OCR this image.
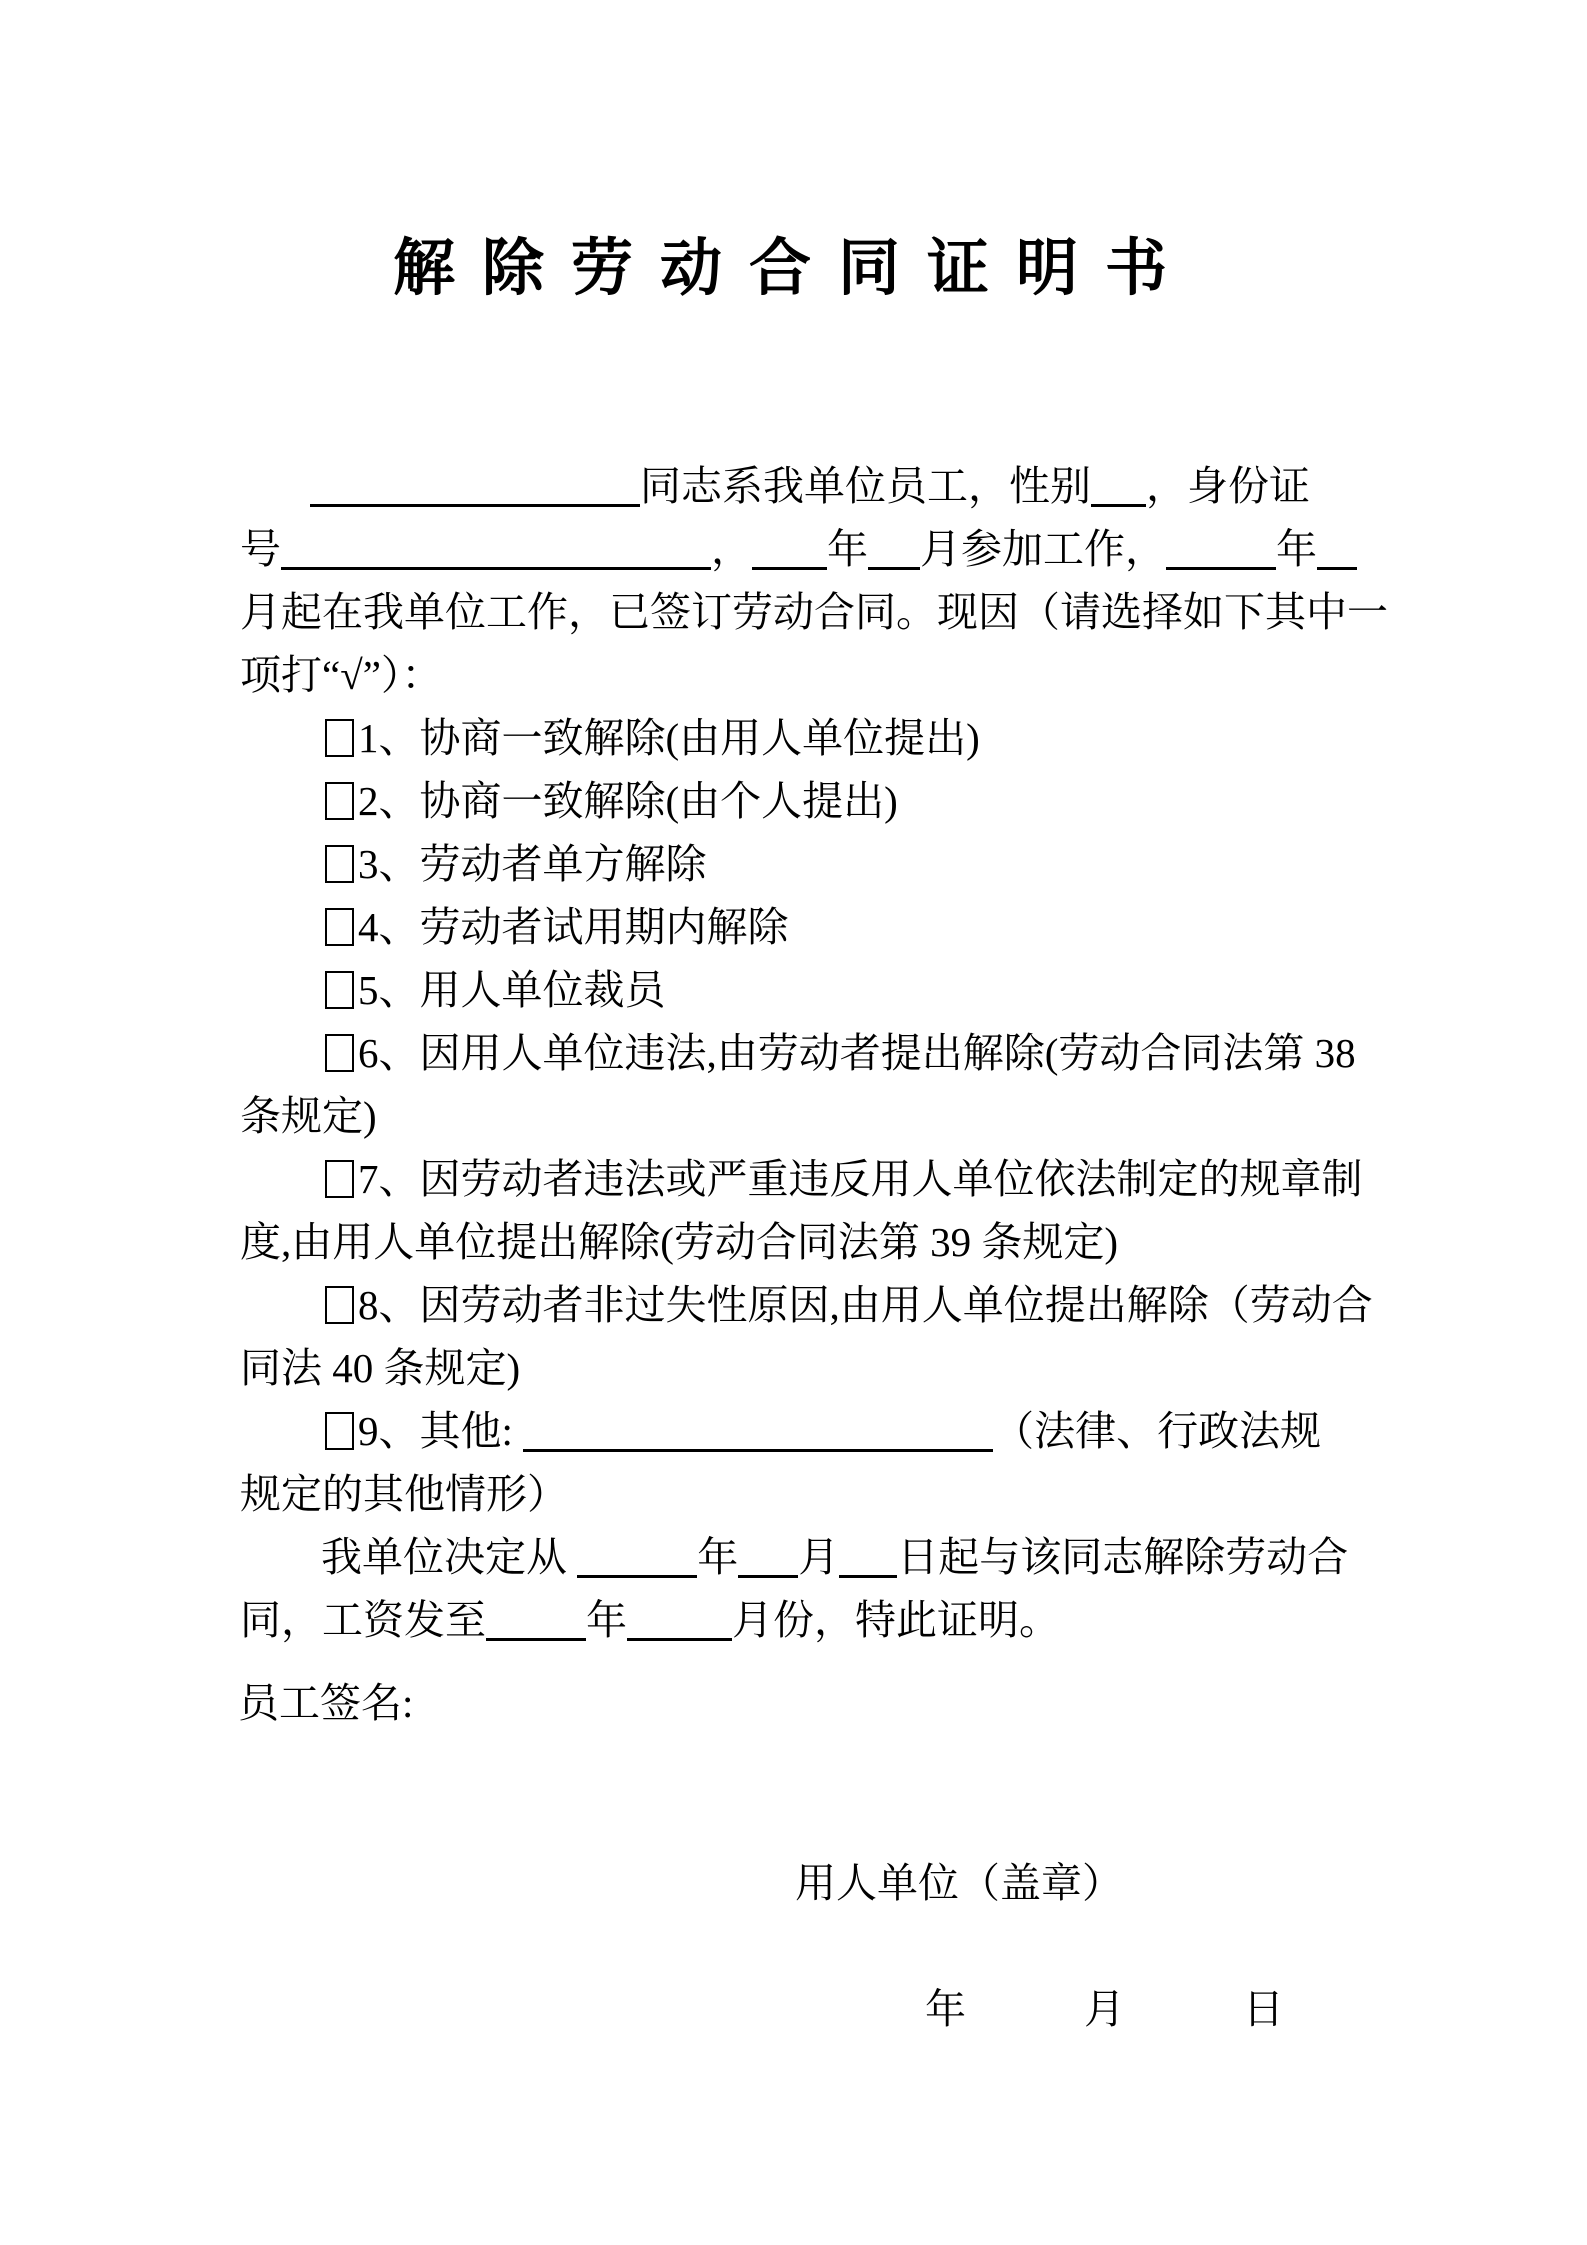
解除劳动合同证明书
同志系我单位员工，性别 ，身份证
号	， 年 月参加工作，	年
月起在我单位工作，已签订劳动合同。现因（请选择如下其中一
项打“√”）：
1、协商一致解除(由用人单位提出)
2、协商一致解除(由个人提出)
3、劳动者单方解除
4、劳动者试用期内解除
5、用人单位裁员
6、因用人单位违法,由劳动者提出解除(劳动合同法第 38
条规定)
7、因劳动者违法或严重违反用人单位依法制定的规章制
度,由用人单位提出解除(劳动合同法第 39 条规定)
8、因劳动者非过失性原因,由用人单位提出解除（劳动合
同法 40 条规定)
9、其他:	（法律、行政法规
规定的其他情形）
我单位决定从	年 月 日起与该同志解除劳动合
同，工资发至 年	月份，特此证明。
员工签名:
用人单位（盖章）
年	月	日
